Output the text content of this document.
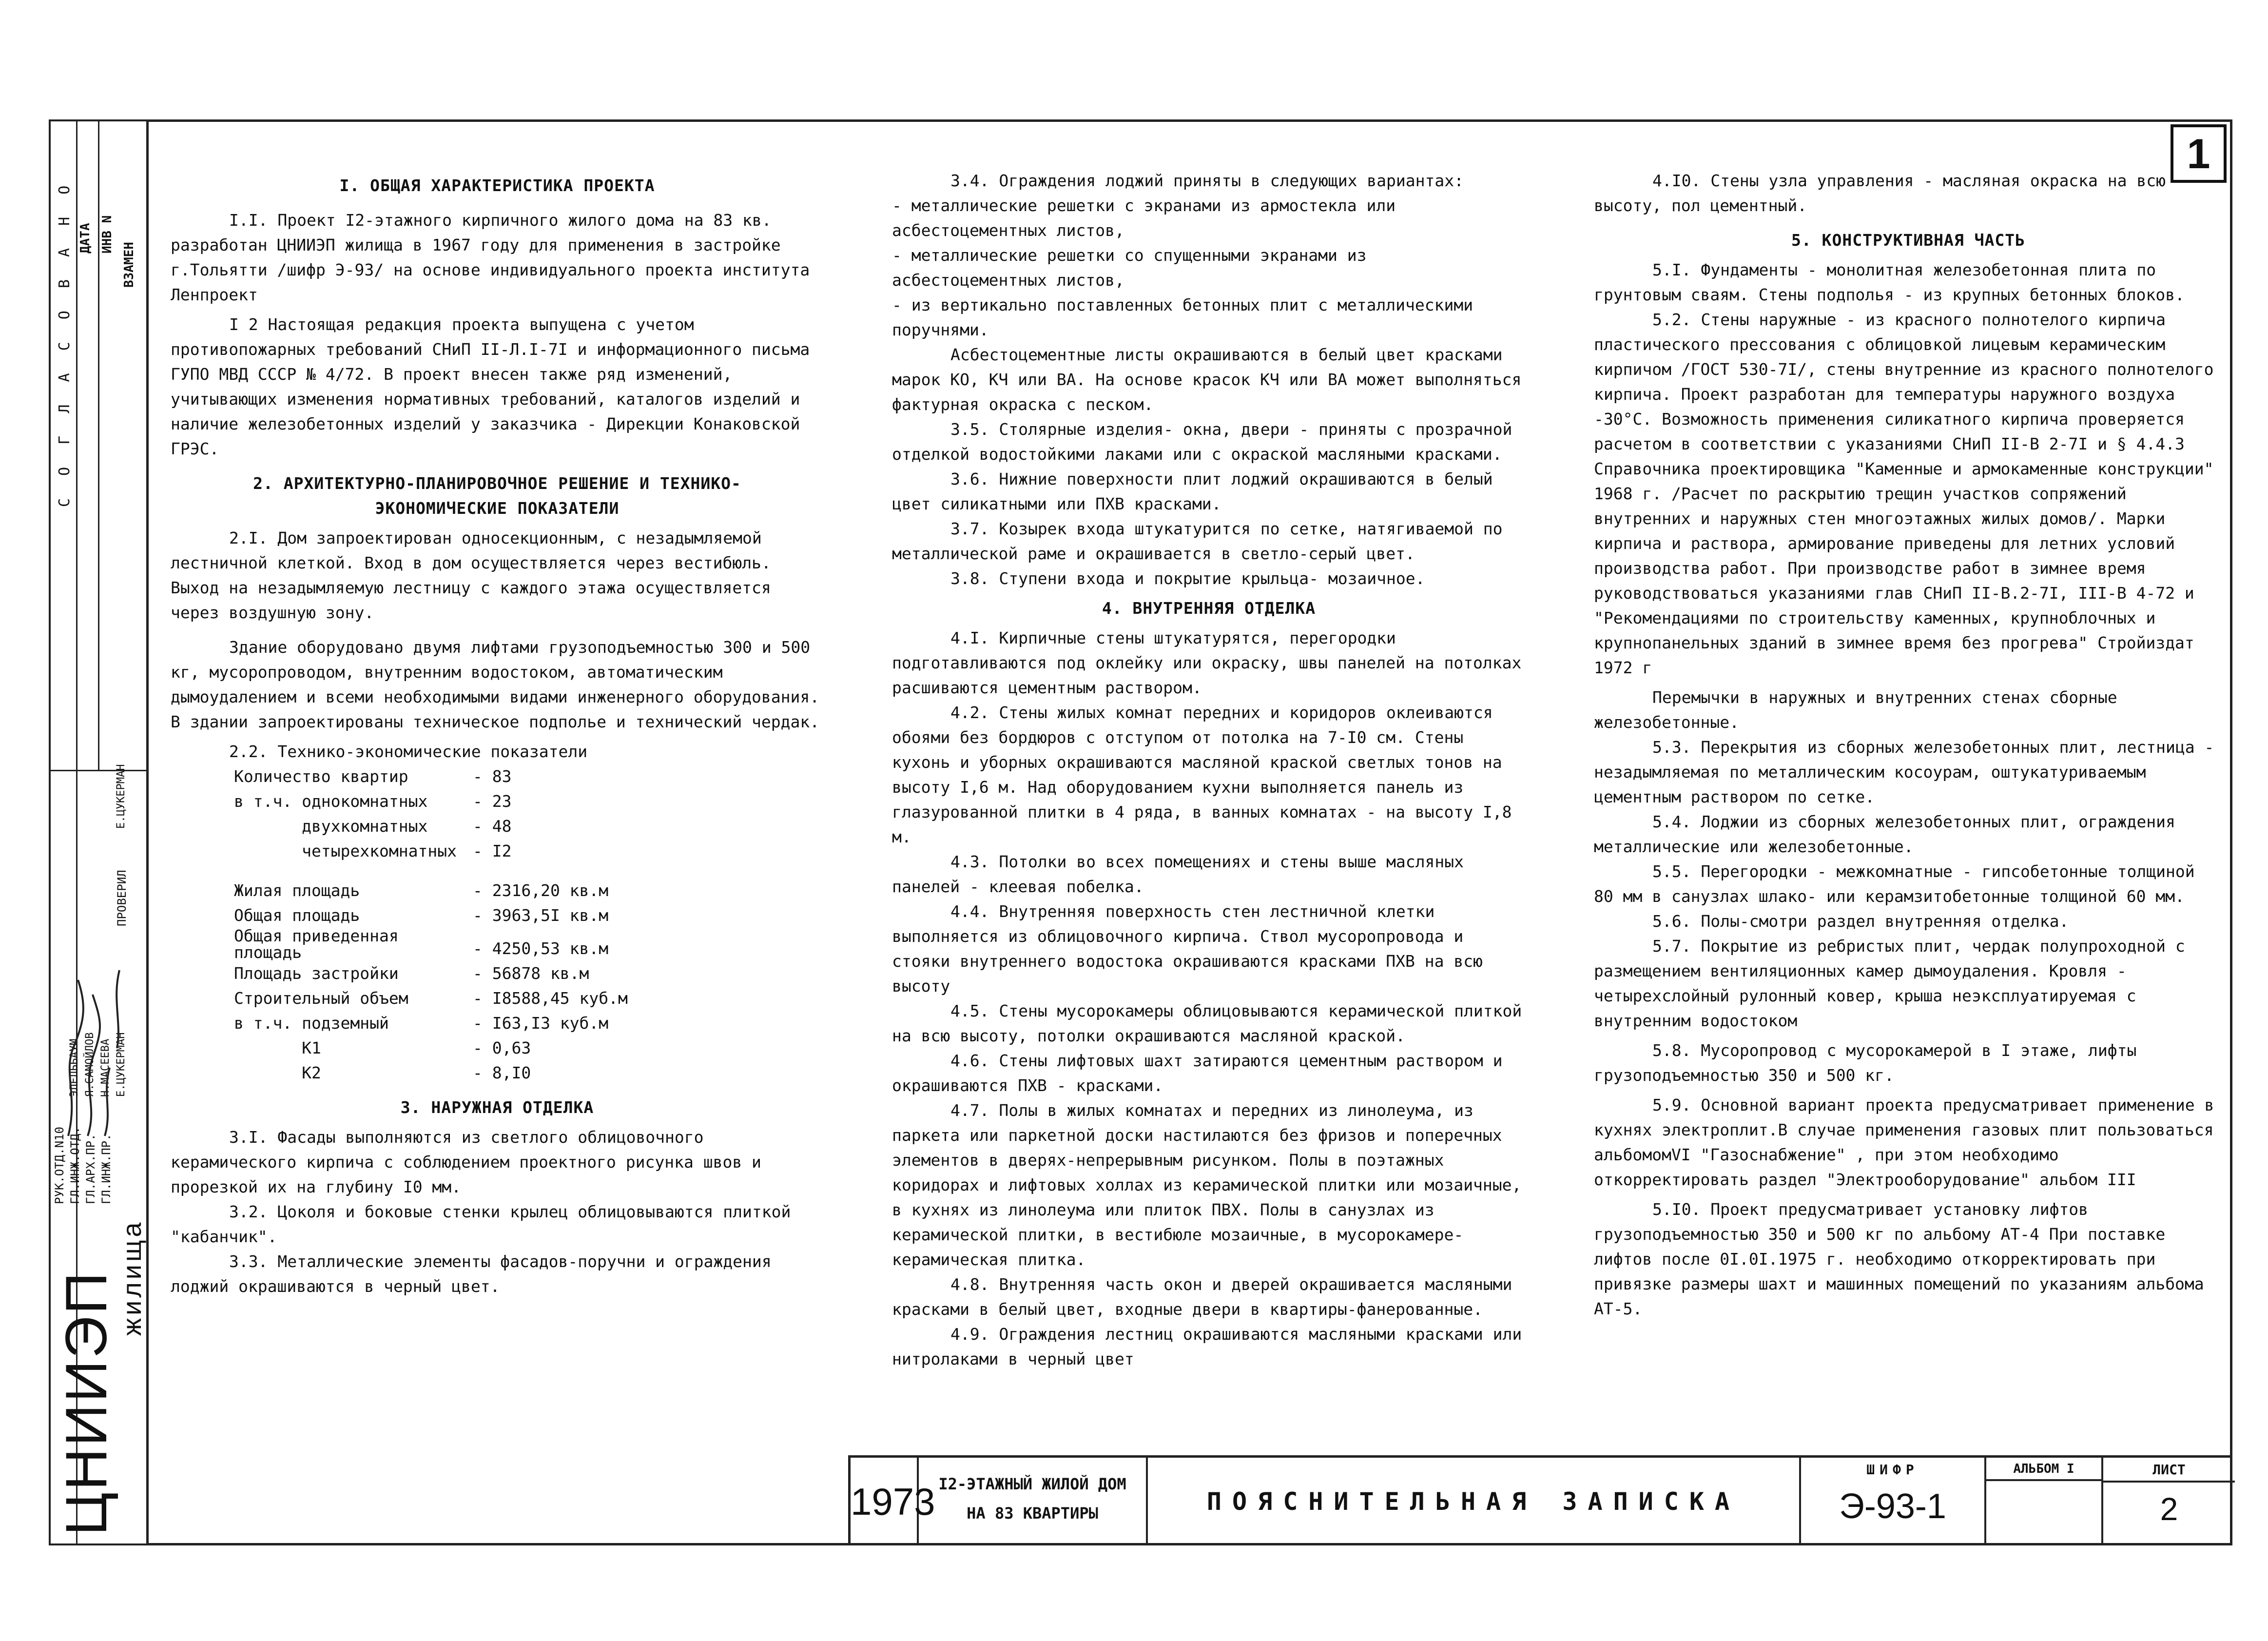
С О Г Л А С О В А Н О ДАТА ИНВ N
ВЗАМЕН
РУК.ОТД.N10 ГЛ.ИНЖ.ОТД. ГЛ.АРХ.ПР. ГЛ.ИНЖ.ПР.
ЭЛЕЛЬБАУМ Я.САМОЙЛОВ Н.МАСЕЕВА Е.ЦУКЕРМАН
ПРОВЕРИЛ
Е.ЦУКЕРМАН
ЦНИИЭП
жилища
1

I. ОБЩАЯ ХАРАКТЕРИСТИКА ПРОЕКТА

I.I. Проект I2-этажного кирпичного жилого дома на 83 кв. разработан ЦНИИЭП жилища в 1967 году для применения в застройке г.Тольятти /шифр Э-93/ на основе индивидуального проекта института Ленпроект

I 2 Настоящая редакция проекта выпущена с учетом противопожарных требований СНиП II-Л.I-7I и информационного письма ГУПО МВД СССР № 4/72. В проект внесен также ряд изменений, учитывающих изменения нормативных требований, каталогов изделий и наличие железобетонных изделий у заказчика - Дирекции Конаковской ГРЭС.

2. АРХИТЕКТУРНО-ПЛАНИРОВОЧНОЕ РЕШЕНИЕ И ТЕХНИКО-ЭКОНОМИЧЕСКИЕ ПОКАЗАТЕЛИ

2.I. Дом запроектирован односекционным, с незадымляемой лестничной клеткой. Вход в дом осуществляется через вестибюль. Выход на незадымляемую лестницу с каждого этажа осуществляется через воздушную зону.

Здание оборудовано двумя лифтами грузоподъемностью 300 и 500 кг, мусоропроводом, внутренним водостоком, автоматическим дымоудалением и всеми необходимыми видами инженерного оборудования. В здании запроектированы техническое подполье и технический чердак.

2.2. Технико-экономические показатели

Количество квартир	- 83
в т.ч. однокомнатных	- 23
двухкомнатных	- 48
четырехкомнатных	- I2
Жилая площадь	- 2316,20 кв.м
Общая площадь	- 3963,5I кв.м
Общая приведенная площадь	- 4250,53 кв.м
Площадь застройки	- 56878 кв.м
Строительный объем	- I8588,45 куб.м
в т.ч. подземный	- I63,I3 куб.м
K1	- 0,63
K2	- 8,I0

3. НАРУЖНАЯ ОТДЕЛКА

3.I. Фасады выполняются из светлого облицовочного керамического кирпича с соблюдением проектного рисунка швов и прорезкой их на глубину I0 мм.

3.2. Цоколя и боковые стенки крылец облицовываются плиткой "кабанчик".

3.3. Металлические элементы фасадов-поручни и ограждения лоджий окрашиваются в черный цвет.

3.4. Ограждения лоджий приняты в следующих вариантах:

- металлические решетки с экранами из армостекла или асбестоцементных листов,

- металлические решетки со спущенными экранами из асбестоцементных листов,

- из вертикально поставленных бетонных плит с металлическими поручнями.

Асбестоцементные листы окрашиваются в белый цвет красками марок КО, КЧ или ВА. На основе красок КЧ или ВА может выполняться фактурная окраска с песком.

3.5. Столярные изделия- окна, двери - приняты с прозрачной отделкой водостойкими лаками или с окраской масляными красками.

3.6. Нижние поверхности плит лоджий окрашиваются в белый цвет силикатными или ПХВ красками.

3.7. Козырек входа штукатурится по сетке, натягиваемой по металлической раме и окрашивается в светло-серый цвет.

3.8. Ступени входа и покрытие крыльца- мозаичное.

4. ВНУТРЕННЯЯ ОТДЕЛКА

4.I. Кирпичные стены штукатурятся, перегородки подготавливаются под оклейку или окраску, швы панелей на потолках расшиваются цементным раствором.

4.2. Стены жилых комнат передних и коридоров оклеиваются обоями без бордюров с отступом от потолка на 7-I0 см. Стены кухонь и уборных окрашиваются масляной краской светлых тонов на высоту I,6 м. Над оборудованием кухни выполняется панель из глазурованной плитки в 4 ряда, в ванных комнатах - на высоту I,8 м.

4.3. Потолки во всех помещениях и стены выше масляных панелей - клеевая побелка.

4.4. Внутренняя поверхность стен лестничной клетки выполняется из облицовочного кирпича. Ствол мусоропровода и стояки внутреннего водостока окрашиваются красками ПХВ на всю высоту

4.5. Стены мусорокамеры облицовываются керамической плиткой на всю высоту, потолки окрашиваются масляной краской.

4.6. Стены лифтовых шахт затираются цементным раствором и окрашиваются ПХВ - красками.

4.7. Полы в жилых комнатах и передних из линолеума, из паркета или паркетной доски настилаются без фризов и поперечных элементов в дверях-непрерывным рисунком. Полы в поэтажных коридорах и лифтовых холлах из керамической плитки или мозаичные, в кухнях из линолеума или плиток ПВХ. Полы в санузлах из керамической плитки, в вестибюле мозаичные, в мусорокамере-керамическая плитка.

4.8. Внутренняя часть окон и дверей окрашивается масляными красками в белый цвет, входные двери в квартиры-фанерованные.

4.9. Ограждения лестниц окрашиваются масляными красками или нитролаками в черный цвет

4.I0. Стены узла управления - масляная окраска на всю высоту, пол цементный.

5. КОНСТРУКТИВНАЯ ЧАСТЬ

5.I. Фундаменты - монолитная железобетонная плита по грунтовым сваям. Стены подполья - из крупных бетонных блоков.

5.2. Стены наружные - из красного полнотелого кирпича пластического прессования с облицовкой лицевым керамическим кирпичом /ГОСТ 530-7I/, стены внутренние из красного полнотелого кирпича. Проект разработан для температуры наружного воздуха -30°С. Возможность применения силикатного кирпича проверяется расчетом в соответствии с указаниями СНиП II-В 2-7I и § 4.4.3 Справочника проектировщика "Каменные и армокаменные конструкции" 1968 г. /Расчет по раскрытию трещин участков сопряжений внутренних и наружных стен многоэтажных жилых домов/. Марки кирпича и раствора, армирование приведены для летних условий производства работ. При производстве работ в зимнее время руководствоваться указаниями глав СНиП II-В.2-7I, III-В 4-72 и "Рекомендациями по строительству каменных, крупноблочных и крупнопанельных зданий в зимнее время без прогрева" Стройиздат 1972 г

Перемычки в наружных и внутренних стенах сборные железобетонные.

5.3. Перекрытия из сборных железобетонных плит, лестница - незадымляемая по металлическим косоурам, оштукатуриваемым цементным раствором по сетке.

5.4. Лоджии из сборных железобетонных плит, ограждения металлические или железобетонные.

5.5. Перегородки - межкомнатные - гипсобетонные толщиной 80 мм в санузлах шлако- или керамзитобетонные толщиной 60 мм.

5.6. Полы-смотри раздел внутренняя отделка.

5.7. Покрытие из ребристых плит, чердак полупроходной с размещением вентиляционных камер дымоудаления. Кровля - четырехслойный рулонный ковер, крыша неэксплуатируемая с внутренним водостоком

5.8. Мусоропровод с мусорокамерой в I этаже, лифты грузоподъемностью 350 и 500 кг.

5.9. Основной вариант проекта предусматривает применение в кухнях электроплит.В случае применения газовых плит пользоваться альбомомVI "Газоснабжение" , при этом необходимо откорректировать раздел "Электрооборудование" альбом III

5.I0. Проект предусматривает установку лифтов грузоподъемностью 350 и 500 кг по альбому АТ-4 При поставке лифтов после 0I.0I.1975 г. необходимо откорректировать при привязке размеры шахт и машинных помещений по указаниям альбома АТ-5.

1973 I2-ЭТАЖНЫЙ ЖИЛОЙ ДОМ
НА 83 КВАРТИРЫ	ПОЯСНИТЕЛЬНАЯ ЗАПИСКА
ШИФР
Э-93-1
АЛЬБОМ I	ЛИСТ
2
